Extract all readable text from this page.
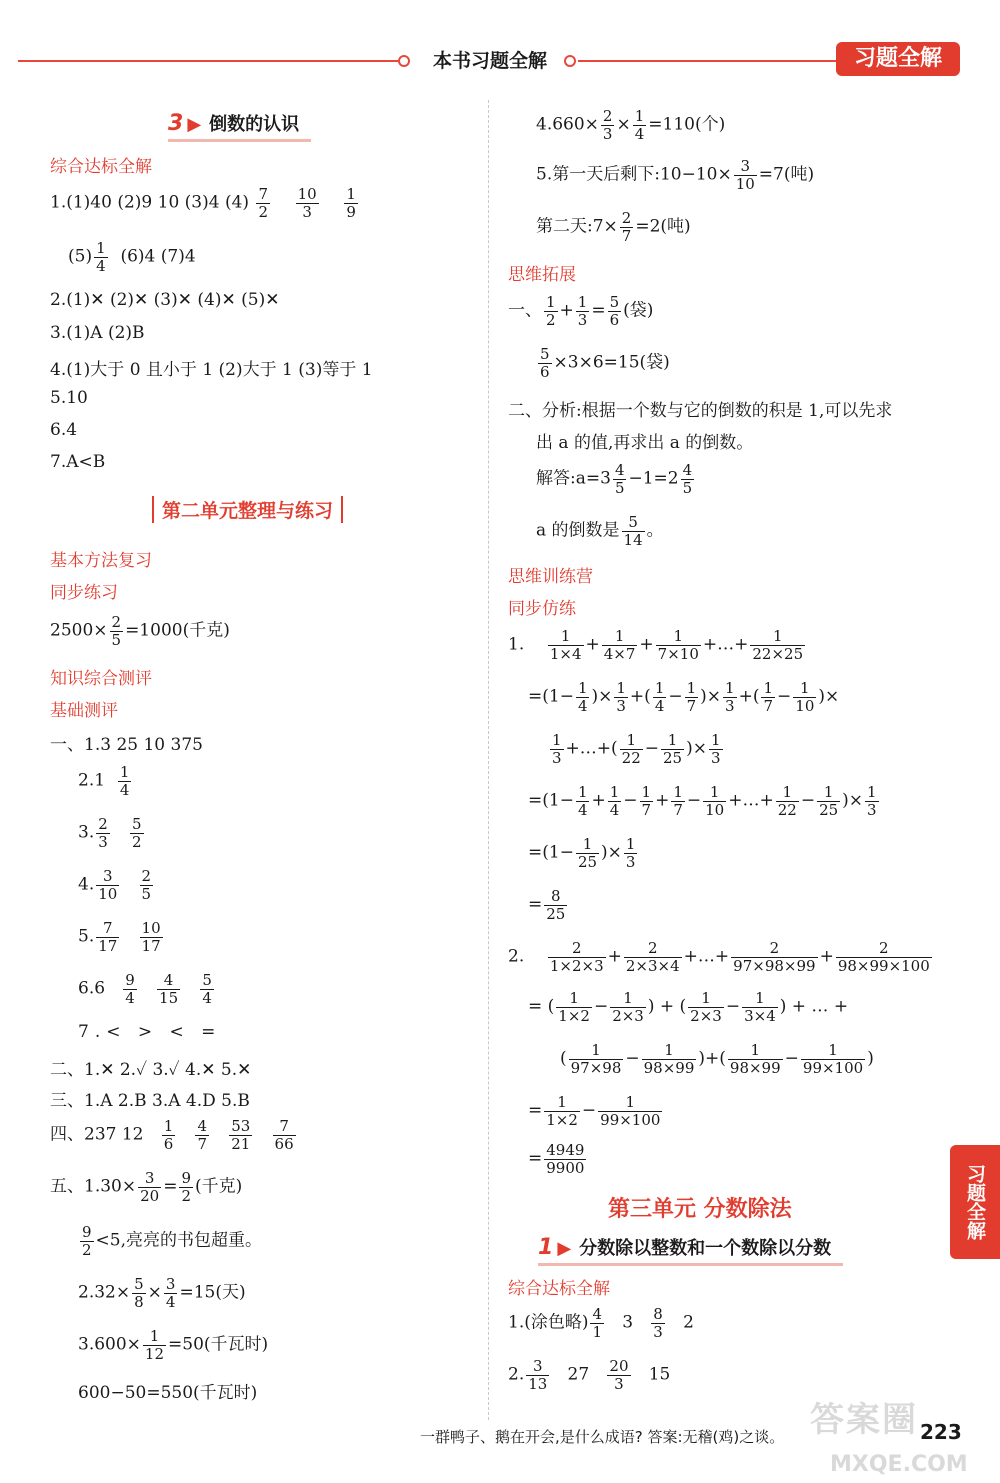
本书习题全解	习题全解
习题全解
3 ▶ 倒数的认识
综合达标全解
1.(1)40 (2)9 10 (3)4 $(4) \frac{7}{2}$
$\frac{10}{3}$
$\frac{1}{9}$
$(5) \frac{1}{4} (6)4$ (7)4
2.(1)✕ (2)✕ (3)✕ (4)✕ (5)✕
3.(1)A (2)B
4.(1)大于 0 且小于 1 (2)大于 1 (3)等于 1
5.10
6.4
7.A<B
第二单元整理与练习
基本方法复习
同步练习
$2500\times \frac{2}{5} =1000$(千克)
知识综合测评
基础测评
一、1.3 25 10 375
$2.1 \frac{1}{4}$
3. $\frac{2}{3}$
$\frac{5}{2}$
4. $\frac{3}{10}$
$\frac{2}{5}$
5. $\frac{7}{17}$
$\frac{10}{17}$
$6.6 \frac{9}{4}$
$\frac{4}{15}$
$\frac{5}{4}$
7.< > < =
二、1.✕ 2.✓ 3.✓ 4.✕ 5.✕
三、1.A 2.B 3.A 4.D 5.B
四、237 $12 \frac{1}{6}$
$\frac{4}{7}$
$\frac{53}{21}$
$\frac{7}{66}$
五、$1.30\times \frac{3}{20} = \frac{9}{2}$ (千克)
$\frac{9}{2} <5$,亮亮的书包超重。
$2.32\times \frac{5}{8} \times \frac{3}{4} =15$(天)
$3.600\times \frac{1}{12} =50$(千瓦时)
600−50=550(千瓦时)
$4.660\times \frac{2}{3} \times \frac{1}{4} =110$(个)
5.第一天后剩下:10−10× $\frac{3}{10} =7$(吨)
第二天:7× $\frac{2}{7} =2$(吨)
思维拓展
一、 $\frac{1}{2} + \frac{1}{3} = \frac{5}{6}$ (袋)
$\frac{5}{6} \times 3\times 6=15$(袋)
二、分析:根据一个数与它的倒数的积是 1,可以先求
出 a 的值,再求出 a 的倒数。
解答:a=3 $\frac{4}{5} -1=2 \frac{4}{5}$
a 的倒数是 $\frac{5}{14}$ 。
思维训练营
同步仿练
1. $\frac{1}{1\times 4} + \frac{1}{4\times 7} + \frac{1}{7\times 10}$ +…+ $\frac{1}{22\times 25}$
$=(1- \frac{1}{4}$ )× $\frac{1}{3}$ +( $\frac{1}{4} - \frac{1}{7}$ )× $\frac{1}{3}$ +( $\frac{1}{7} - \frac{1}{10}$ )×
$\frac{1}{3}$ +…+( $\frac{1}{22} - \frac{1}{25}$ )× $\frac{1}{3}$
$=(1- \frac{1}{4} + \frac{1}{4} - \frac{1}{7} + \frac{1}{7} - \frac{1}{10}$ +…+ $\frac{1}{22} - \frac{1}{25}$ )× $\frac{1}{3}$
$=(1- \frac{1}{25}$ )× $\frac{1}{3}$
= $\frac{8}{25}$
2. $\frac{2}{1\times 2\times 3} + \frac{2}{2\times 3\times 4}$ +…+ $\frac{2}{97\times 98\times 99} + \frac{2}{98\times 99\times 100}$
= ( $\frac{1}{1\times 2} - \frac{1}{2\times 3}$ ) + ( $\frac{1}{2\times 3} - \frac{1}{3\times 4}$ ) + … +
( $\frac{1}{97\times 98} - \frac{1}{98\times 99}$ )+( $\frac{1}{98\times 99} - \frac{1}{99\times 100}$ )
= $\frac{1}{1\times 2} - \frac{1}{99\times 100}$
= $\frac{4949}{9900}$
第三单元 分数除法
1 ▶ 分数除以整数和一个数除以分数
综合达标全解
1.(涂色略) $\frac{4}{1} 3 \frac{8}{3} 2$
2. $\frac{3}{13} 27 \frac{20}{3} 15$
答案圈
MXQE.COM
一群鸭子、鹅在开会,是什么成语? 答案:无稽(鸡)之谈。	223
